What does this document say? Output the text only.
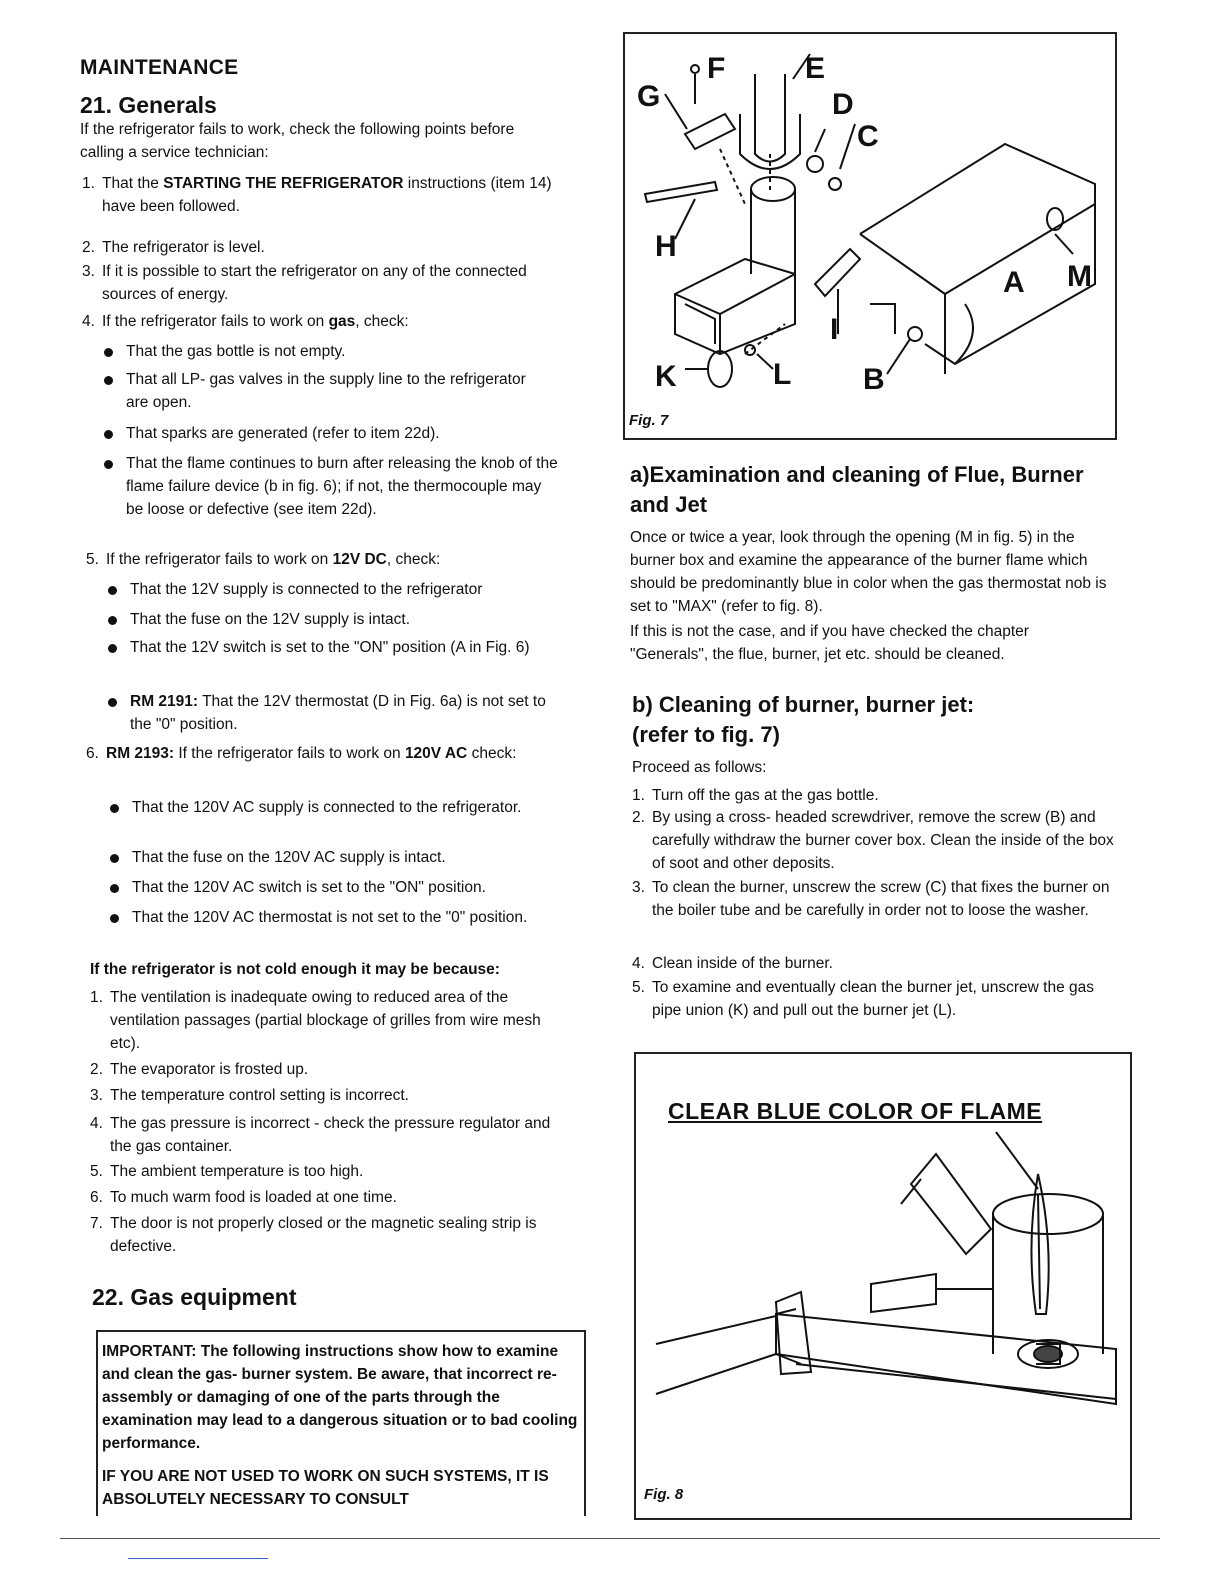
MAINTENANCE
21. Generals
If the refrigerator fails to work, check the following points before calling a service technician:
1. That the STARTING THE REFRIGERATOR instructions (item 14) have been followed.
2. The refrigerator is level.
3. If it is possible to start the refrigerator on any of the connected sources of energy.
4. If the refrigerator fails to work on gas, check:
That the gas bottle is not empty.
That all LP- gas valves in the supply line to the refrigerator are open.
That sparks are generated (refer to item 22d).
That the flame continues to burn after releasing the knob of the flame failure device (b in fig. 6); if not, the thermocouple may be loose or defective (see item 22d).
5. If the refrigerator fails to work on 12V DC, check:
That the 12V supply is connected to the refrigerator
That the fuse on the 12V supply is intact.
That the 12V switch is set to the "ON" position (A in Fig. 6)
RM 2191: That the 12V thermostat (D in Fig. 6a) is not set to the "0" position.
6. RM 2193: If the refrigerator fails to work on 120V AC check:
That the 120V AC supply is connected to the refrigerator.
That the fuse on the 120V AC supply is intact.
That the 120V AC switch is set to the "ON" position.
That the 120V AC thermostat is not set to the "0" position.
If the refrigerator is not cold enough it may be because:
1. The ventilation is inadequate owing to reduced area of the ventilation passages (partial blockage of grilles from wire mesh etc).
2. The evaporator is frosted up.
3. The temperature control setting is incorrect.
4. The gas pressure is incorrect - check the pressure regulator and the gas container.
5. The ambient temperature is too high.
6. To much warm food is loaded at one time.
7. The door is not properly closed or the magnetic sealing strip is defective.
22. Gas equipment
IMPORTANT: The following instructions show how to examine and clean the gas- burner system. Be aware, that incorrect re- assembly or damaging of one of the parts through the examination may lead to a dangerous situation or to bad cooling performance.
IF YOU ARE NOT USED TO WORK ON SUCH SYSTEMS, IT IS ABSOLUTELY NECESSARY TO CONSULT
G
F	E
D
C
H
A M
I
K	L B
Fig. 7
a)Examination and cleaning of Flue, Burner and Jet
Once or twice a year, look through the opening (M in fig. 5) in the burner box and examine the appearance of the burner flame which should be predominantly blue in color when the gas thermostat nob is set to "MAX" (refer to fig. 8).
If this is not the case, and if you have checked the chapter "Generals", the flue, burner, jet etc. should be cleaned.
b) Cleaning of burner, burner jet:
(refer to fig. 7)
Proceed as follows:
1. Turn off the gas at the gas bottle.
2. By using a cross- headed screwdriver, remove the screw (B) and carefully withdraw the burner cover box. Clean the inside of the box of soot and other deposits.
3. To clean the burner, unscrew the screw (C) that fixes the burner on the boiler tube and be carefully in order not to loose the washer.
4. Clean inside of the burner.
5. To examine and eventually clean the burner jet, unscrew the gas pipe union (K) and pull out the burner jet (L).
CLEAR BLUE COLOR OF FLAME
Fig. 8
